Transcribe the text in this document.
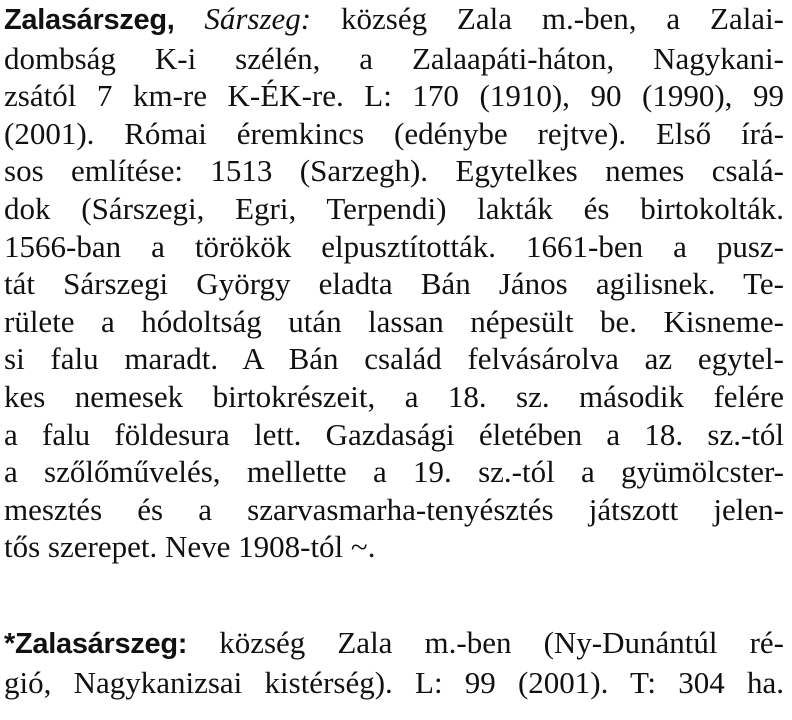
Zalasárszeg, Sárszeg: község Zala m.-ben, a Zalai-
dombság K-i szélén, a Zalaapáti-háton, Nagykani-
zsától 7 km-re K-ÉK-re. L: 170 (1910), 90 (1990), 99
(2001). Római éremkincs (edénybe rejtve). Első írá-
sos említése: 1513 (Sarzegh). Egytelkes nemes csalá-
dok (Sárszegi, Egri, Terpendi) lakták és birtokolták.
1566-ban a törökök elpusztították. 1661-ben a pusz-
tát Sárszegi György eladta Bán János agilisnek. Te-
rülete a hódoltság után lassan népesült be. Kisneme-
si falu maradt. A Bán család felvásárolva az egytel-
kes nemesek birtokrészeit, a 18. sz. második felére
a falu földesura lett. Gazdasági életében a 18. sz.-tól
a szőlőművelés, mellette a 19. sz.-tól a gyümölcster-
mesztés és a szarvasmarha-tenyésztés játszott jelen-
tős szerepet. Neve 1908-tól ~.
*Zalasárszeg: község Zala m.-ben (Ny-Dunántúl ré-
gió, Nagykanizsai kistérség). L: 99 (2001). T: 304 ha.
